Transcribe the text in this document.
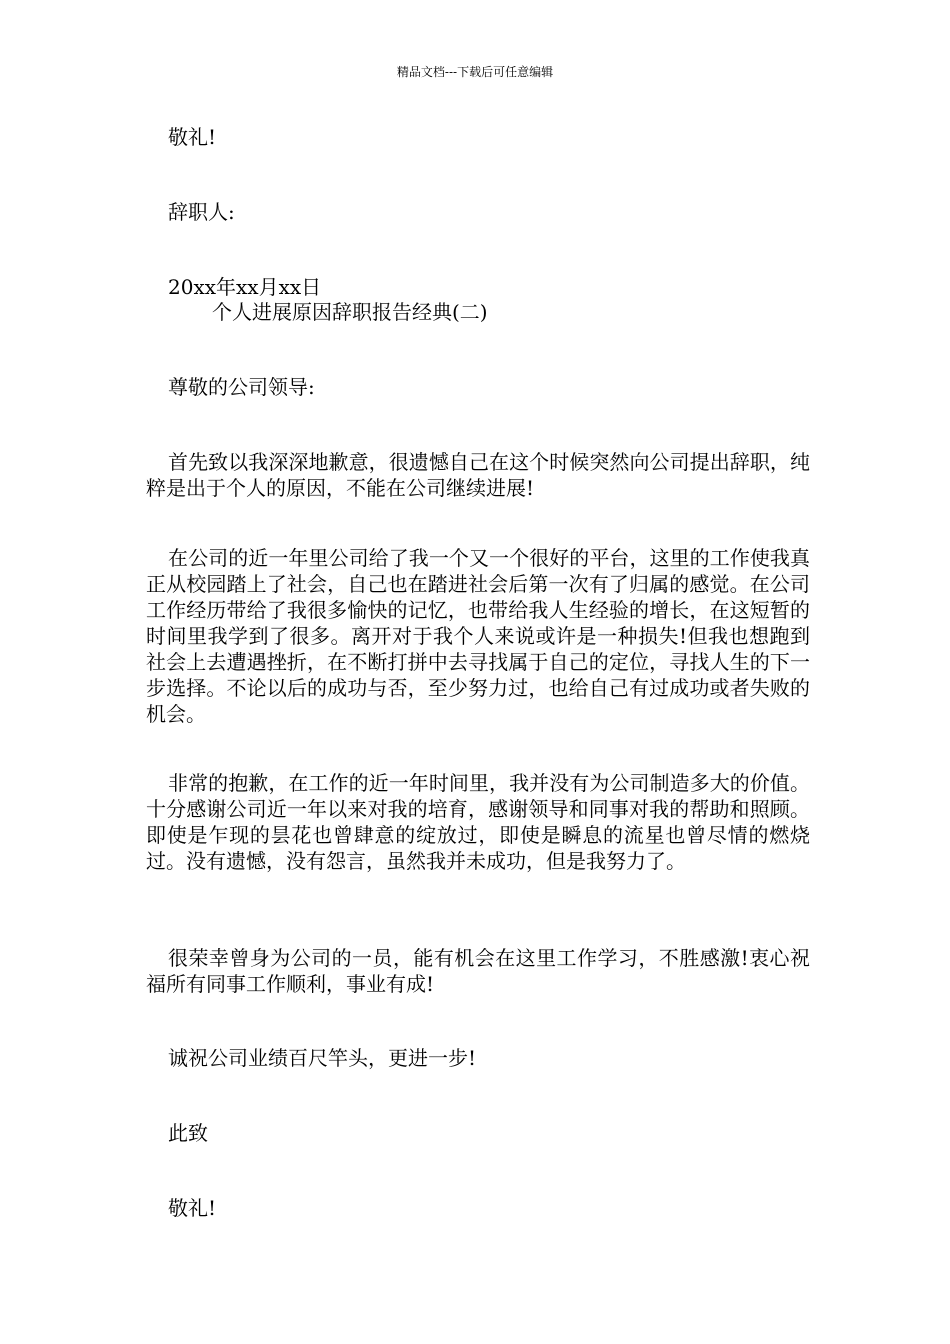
精品文档---下载后可任意编辑
敬礼!
辞职人:
20xx年xx月xx日
个人进展原因辞职报告经典(二)
尊敬的公司领导:
首先致以我深深地歉意，很遗憾自己在这个时候突然向公司提出辞职，纯粹是出于个人的原因，不能在公司继续进展!
在公司的近一年里公司给了我一个又一个很好的平台，这里的工作使我真正从校园踏上了社会，自己也在踏进社会后第一次有了归属的感觉。在公司工作经历带给了我很多愉快的记忆，也带给我人生经验的增长，在这短暂的时间里我学到了很多。离开对于我个人来说或许是一种损失!但我也想跑到社会上去遭遇挫折，在不断打拼中去寻找属于自己的定位，寻找人生的下一步选择。不论以后的成功与否，至少努力过，也给自己有过成功或者失败的机会。
非常的抱歉，在工作的近一年时间里，我并没有为公司制造多大的价值。十分感谢公司近一年以来对我的培育，感谢领导和同事对我的帮助和照顾。即使是乍现的昙花也曾肆意的绽放过，即使是瞬息的流星也曾尽情的燃烧过。没有遗憾，没有怨言，虽然我并未成功，但是我努力了。
很荣幸曾身为公司的一员，能有机会在这里工作学习，不胜感激!衷心祝福所有同事工作顺利，事业有成!
诚祝公司业绩百尺竿头，更进一步!
此致
敬礼!
